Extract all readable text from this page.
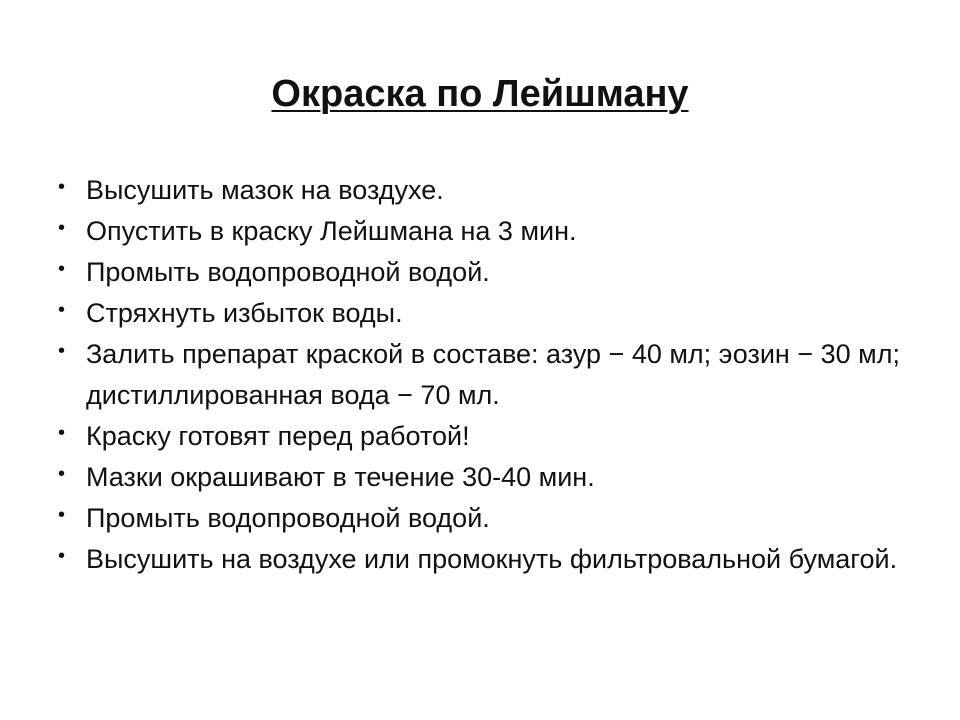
Окраска по Лейшману
• Высушить мазок на воздухе.
• Опустить в краску Лейшмана на 3 мин.
• Промыть водопроводной водой.
• Стряхнуть избыток воды.
• Залить препарат краской в составе: азур − 40 мл; эозин − 30 мл; дистиллированная вода − 70 мл.
• Краску готовят перед работой!
• Мазки окрашивают в течение 30-40 мин.
• Промыть водопроводной водой.
• Высушить на воздухе или промокнуть фильтровальной бумагой.
